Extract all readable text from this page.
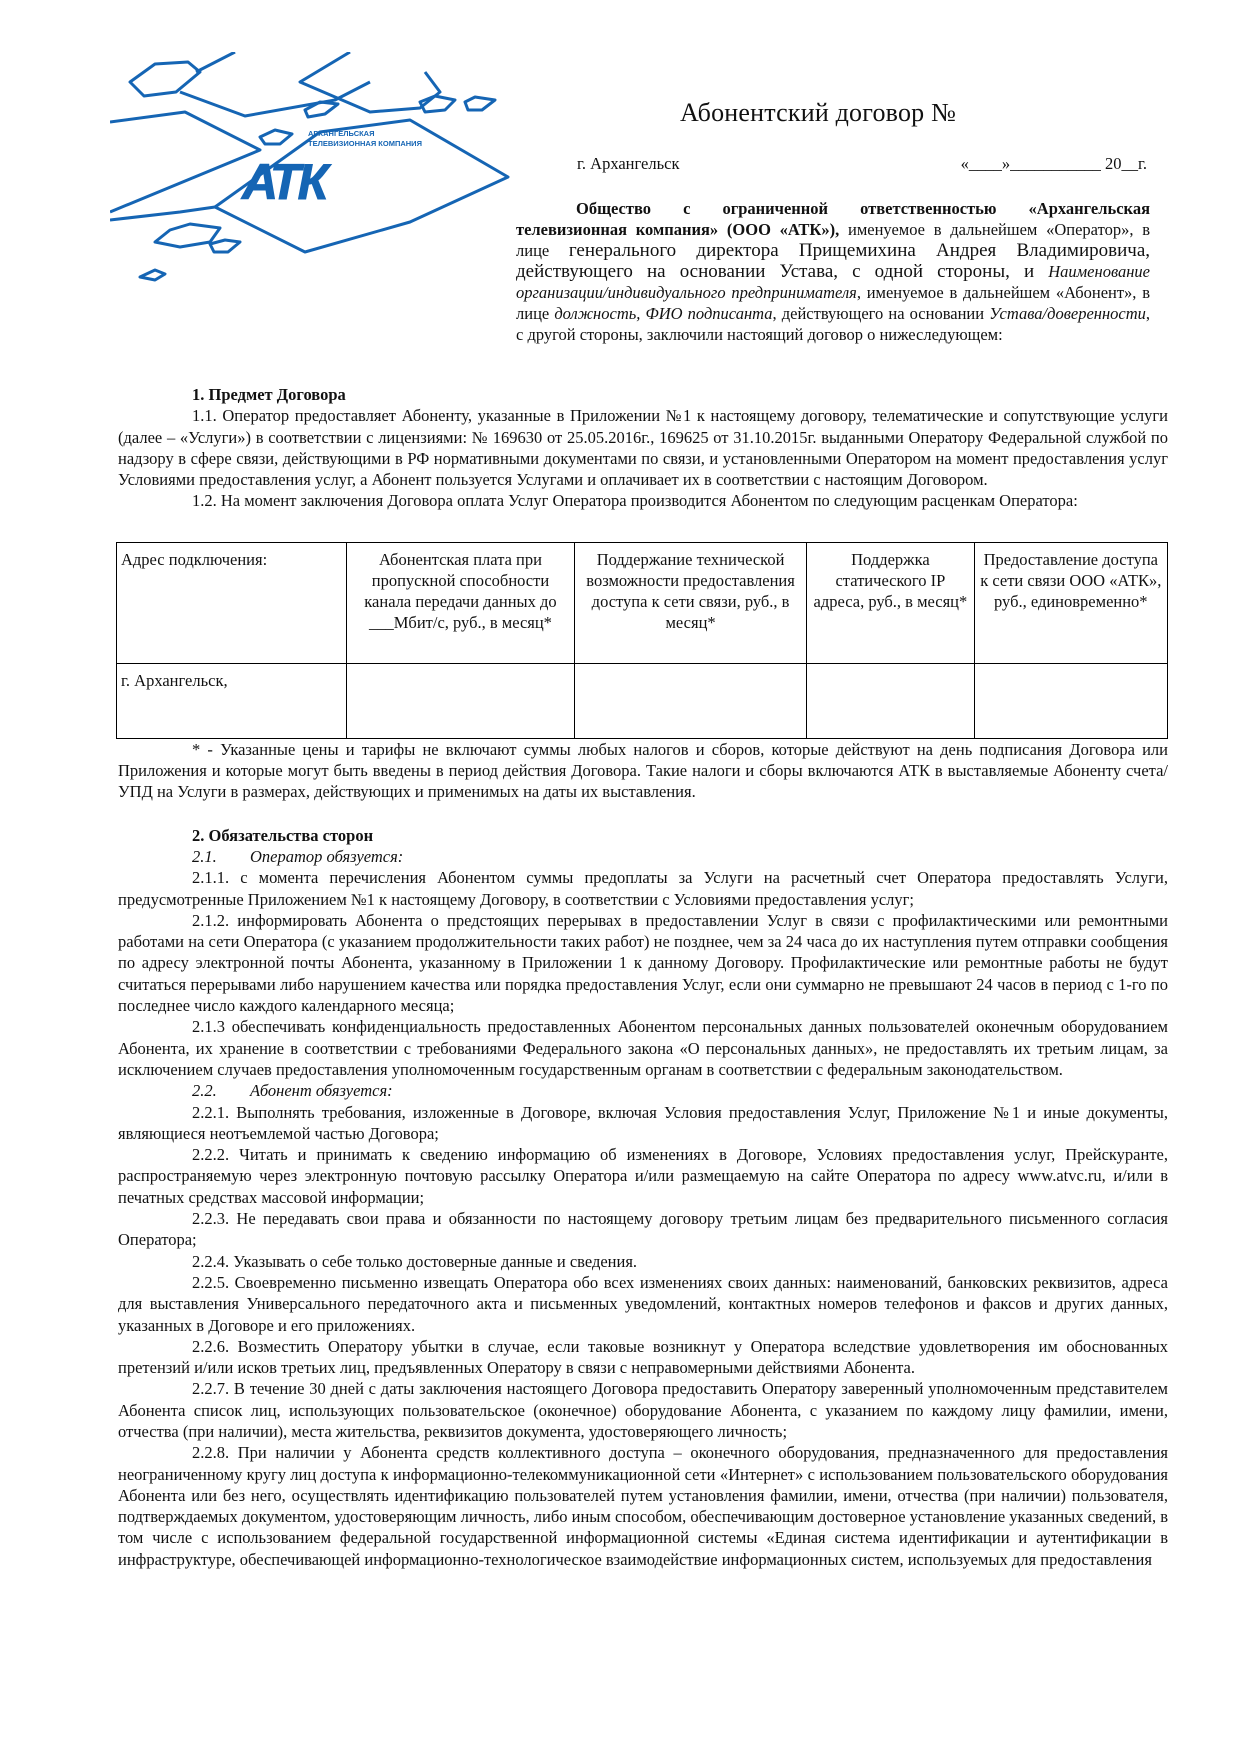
АРХАНГЕЛЬСКАЯ
ТЕЛЕВИЗИОННАЯ КОМПАНИЯ
АТК
Абонентский договор №
г. Архангельск	«____»___________ 20__г.
Общество с ограниченной ответственностью «Архангельская телевизионная компания» (ООО «АТК»), именуемое в дальнейшем «Оператор», в лице генерального директора Прищемихина Андрея Владимировича, действующего на основании Устава, с одной стороны, и Наименование организации/индивидуального предпринимателя, именуемое в дальнейшем «Абонент», в лице должность, ФИО подписанта, действующего на основании Устава/доверенности, с другой стороны, заключили настоящий договор о нижеследующем:
1. Предмет Договора

1.1. Оператор предоставляет Абоненту, указанные в Приложении №1 к настоящему договору, телематические и сопутствующие услуги (далее – «Услуги») в соответствии с лицензиями: № 169630 от 25.05.2016г., 169625 от 31.10.2015г. выданными Оператору Федеральной службой по надзору в сфере связи, действующими в РФ нормативными документами по связи, и установленными Оператором на момент предоставления услуг Условиями предоставления услуг, а Абонент пользуется Услугами и оплачивает их в соответствии с настоящим Договором.

1.2. На момент заключения Договора оплата Услуг Оператора производится Абонентом по следующим расценкам Оператора:

Адрес подключения:	Абонентская плата при пропускной способности канала передачи данных до ___Мбит/с, руб., в месяц*	Поддержание технической возможности предоставления доступа к сети связи, руб., в месяц*	Поддержка статического IP адреса, руб., в месяц*	Предоставление доступа к сети связи ООО «АТК», руб., единовременно*
г. Архангельск,				

* - Указанные цены и тарифы не включают суммы любых налогов и сборов, которые действуют на день подписания Договора или Приложения и которые могут быть введены в период действия Договора. Такие налоги и сборы включаются АТК в выставляемые Абоненту счета/УПД на Услуги в размерах, действующих и применимых на даты их выставления.

2. Обязательства сторон
2.1. Оператор обязуется:

2.1.1. с момента перечисления Абонентом суммы предоплаты за Услуги на расчетный счет Оператора предоставлять Услуги, предусмотренные Приложением №1 к настоящему Договору, в соответствии с Условиями предоставления услуг;

2.1.2. информировать Абонента о предстоящих перерывах в предоставлении Услуг в связи с профилактическими или ремонтными работами на сети Оператора (с указанием продолжительности таких работ) не позднее, чем за 24 часа до их наступления путем отправки сообщения по адресу электронной почты Абонента, указанному в Приложении 1 к данному Договору. Профилактические или ремонтные работы не будут считаться перерывами либо нарушением качества или порядка предоставления Услуг, если они суммарно не превышают 24 часов в период с 1-го по последнее число каждого календарного месяца;

2.1.3 обеспечивать конфиденциальность предоставленных Абонентом персональных данных пользователей оконечным оборудованием Абонента, их хранение в соответствии с требованиями Федерального закона «О персональных данных», не предоставлять их третьим лицам, за исключением случаев предоставления уполномоченным государственным органам в соответствии с федеральным законодательством.

2.2. Абонент обязуется:

2.2.1. Выполнять требования, изложенные в Договоре, включая Условия предоставления Услуг, Приложение №1 и иные документы, являющиеся неотъемлемой частью Договора;

2.2.2. Читать и принимать к сведению информацию об изменениях в Договоре, Условиях предоставления услуг, Прейскуранте, распространяемую через электронную почтовую рассылку Оператора и/или размещаемую на сайте Оператора по адресу www.atvc.ru, и/или в печатных средствах массовой информации;

2.2.3. Не передавать свои права и обязанности по настоящему договору третьим лицам без предварительного письменного согласия Оператора;

2.2.4. Указывать о себе только достоверные данные и сведения.

2.2.5. Своевременно письменно извещать Оператора обо всех изменениях своих данных: наименований, банковских реквизитов, адреса для выставления Универсального передаточного акта и письменных уведомлений, контактных номеров телефонов и факсов и других данных, указанных в Договоре и его приложениях.

2.2.6. Возместить Оператору убытки в случае, если таковые возникнут у Оператора вследствие удовлетворения им обоснованных претензий и/или исков третьих лиц, предъявленных Оператору в связи с неправомерными действиями Абонента.

2.2.7. В течение 30 дней с даты заключения настоящего Договора предоставить Оператору заверенный уполномоченным представителем Абонента список лиц, использующих пользовательское (оконечное) оборудование Абонента, с указанием по каждому лицу фамилии, имени, отчества (при наличии), места жительства, реквизитов документа, удостоверяющего личность;

2.2.8. При наличии у Абонента средств коллективного доступа – оконечного оборудования, предназначенного для предоставления неограниченному кругу лиц доступа к информационно-телекоммуникационной сети «Интернет» с использованием пользовательского оборудования Абонента или без него, осуществлять идентификацию пользователей путем установления фамилии, имени, отчества (при наличии) пользователя, подтверждаемых документом, удостоверяющим личность, либо иным способом, обеспечивающим достоверное установление указанных сведений, в том числе с использованием федеральной государственной информационной системы «Единая система идентификации и аутентификации в инфраструктуре, обеспечивающей информационно-технологическое взаимодействие информационных систем, используемых для предоставления
